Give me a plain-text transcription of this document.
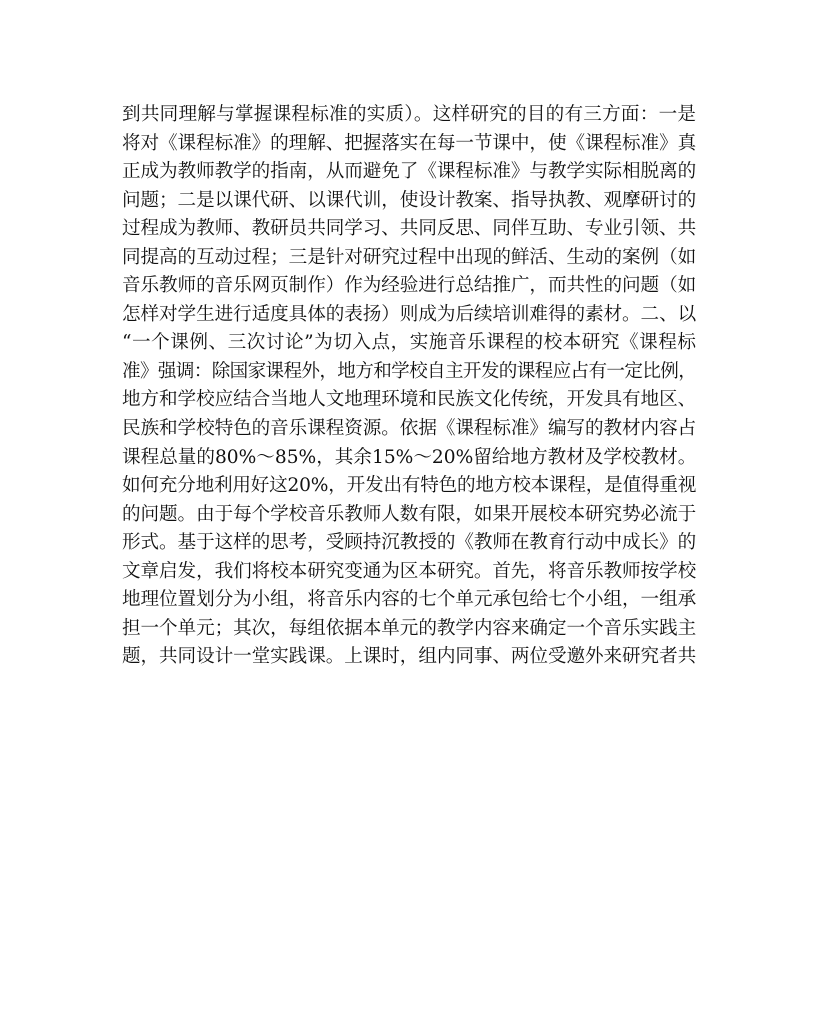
到共同理解与掌握课程标准的实质）。这样研究的目的有三方面：一是
将对《课程标准》的理解、把握落实在每一节课中，使《课程标准》真
正成为教师教学的指南，从而避免了《课程标准》与教学实际相脱离的
问题；二是以课代研、以课代训，使设计教案、指导执教、观摩研讨的
过程成为教师、教研员共同学习、共同反思、同伴互助、专业引领、共
同提高的互动过程；三是针对研究过程中出现的鲜活、生动的案例（如
音乐教师的音乐网页制作）作为经验进行总结推广，而共性的问题（如
怎样对学生进行适度具体的表扬）则成为后续培训难得的素材。二、以
“一个课例、三次讨论”为切入点，实施音乐课程的校本研究《课程标
准》强调：除国家课程外，地方和学校自主开发的课程应占有一定比例，
地方和学校应结合当地人文地理环境和民族文化传统，开发具有地区、
民族和学校特色的音乐课程资源。依据《课程标准》编写的教材内容占
课程总量的80%～85%，其余15%～20%留给地方教材及学校教材。
如何充分地利用好这20%，开发出有特色的地方校本课程，是值得重视
的问题。由于每个学校音乐教师人数有限，如果开展校本研究势必流于
形式。基于这样的思考，受顾持沉教授的《教师在教育行动中成长》的
文章启发，我们将校本研究变通为区本研究。首先，将音乐教师按学校
地理位置划分为小组，将音乐内容的七个单元承包给七个小组，一组承
担一个单元；其次，每组依据本单元的教学内容来确定一个音乐实践主
题，共同设计一堂实践课。上课时，组内同事、两位受邀外来研究者共
